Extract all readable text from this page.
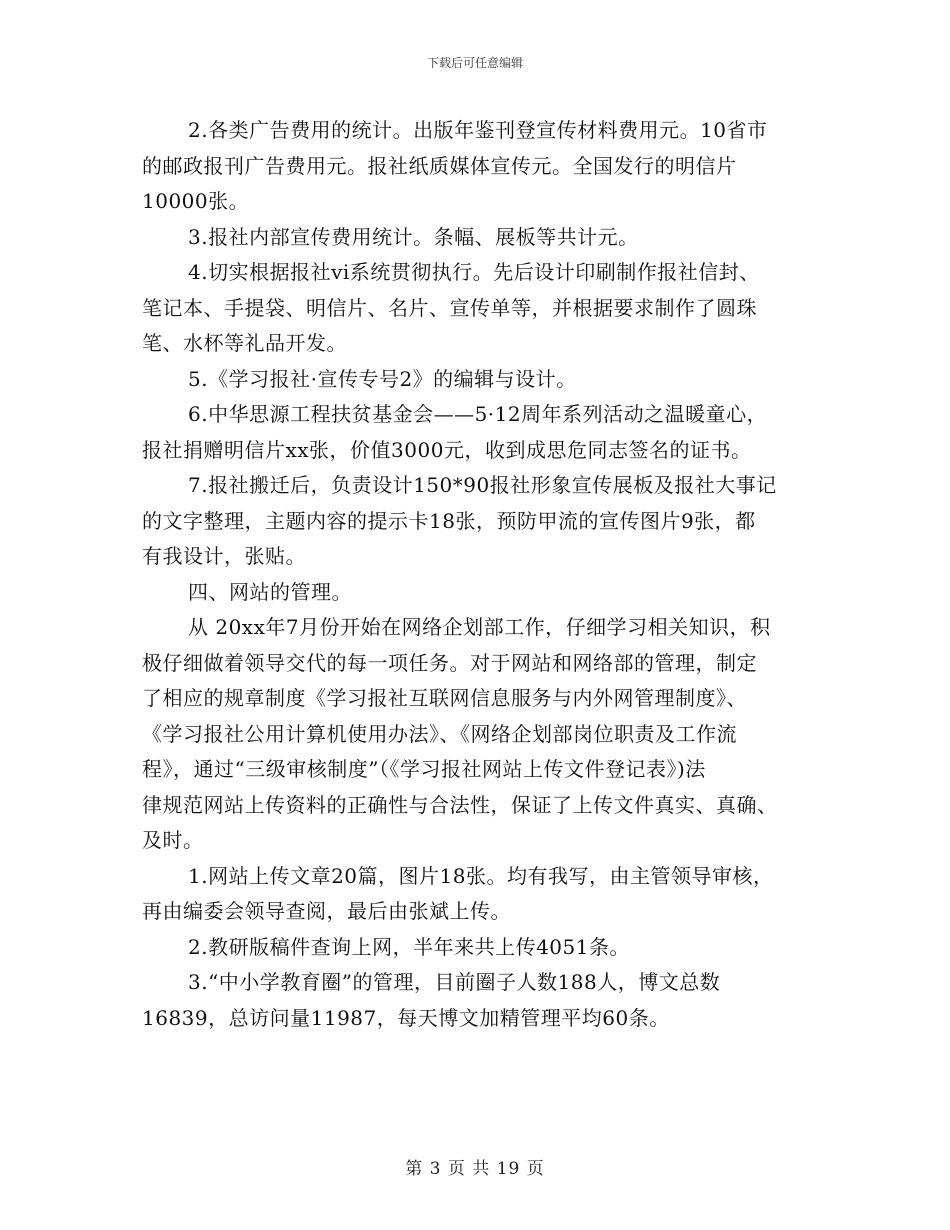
下载后可任意编辑

2.各类广告费用的统计。出版年鉴刊登宣传材料费用元。10省市
的邮政报刊广告费用元。报社纸质媒体宣传元。全国发行的明信片
10000张。

3.报社内部宣传费用统计。条幅、展板等共计元。

4.切实根据报社vi系统贯彻执行。先后设计印刷制作报社信封、
笔记本、手提袋、明信片、名片、宣传单等，并根据要求制作了圆珠
笔、水杯等礼品开发。

5.《学习报社·宣传专号2》的编辑与设计。

6.中华思源工程扶贫基金会——5·12周年系列活动之温暖童心，
报社捐赠明信片xx张，价值3000元，收到成思危同志签名的证书。

7.报社搬迁后，负责设计150*90报社形象宣传展板及报社大事记
的文字整理，主题内容的提示卡18张，预防甲流的宣传图片9张，都
有我设计，张贴。

四、网站的管理。

从 20xx年7月份开始在网络企划部工作，仔细学习相关知识，积
极仔细做着领导交代的每一项任务。对于网站和网络部的管理，制定
了相应的规章制度《学习报社互联网信息服务与内外网管理制度》、
《学习报社公用计算机使用办法》、《网络企划部岗位职责及工作流
程》，通过“三级审核制度”（《学习报社网站上传文件登记表》)法
律规范网站上传资料的正确性与合法性，保证了上传文件真实、真确、
及时。

1.网站上传文章20篇，图片18张。均有我写，由主管领导审核，
再由编委会领导查阅，最后由张斌上传。

2.教研版稿件查询上网，半年来共上传4051条。

3.“中小学教育圈”的管理，目前圈子人数188人，博文总数
16839，总访问量11987，每天博文加精管理平均60条。

第 3 页 共 19 页
